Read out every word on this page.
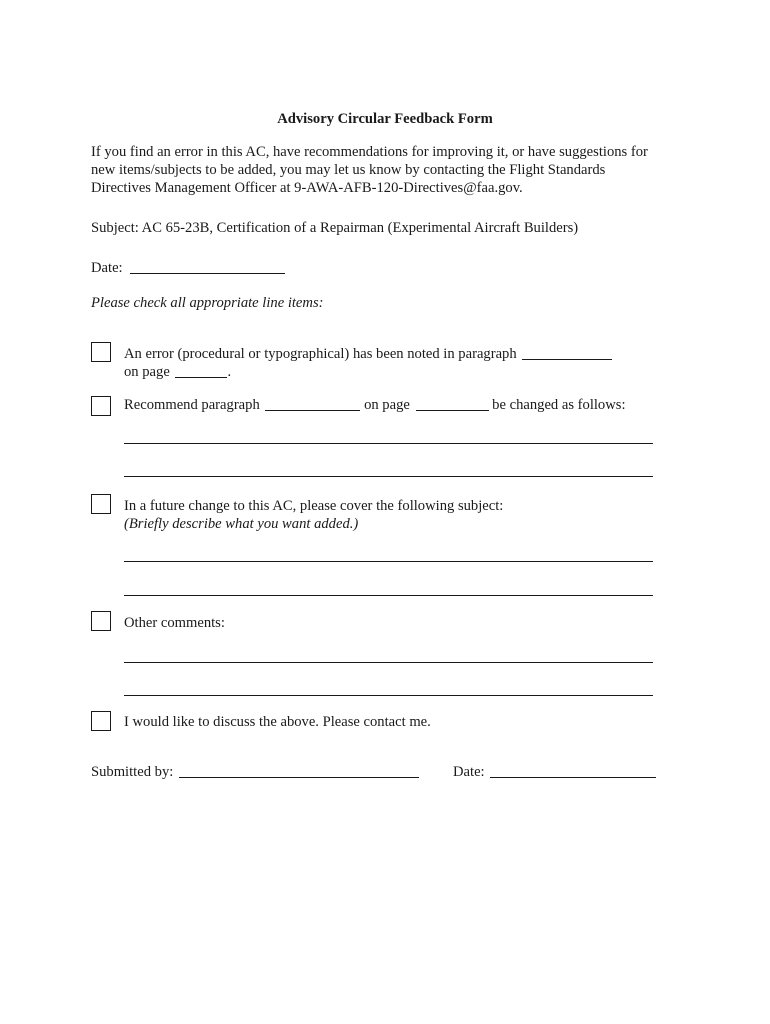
Advisory Circular Feedback Form
If you find an error in this AC, have recommendations for improving it, or have suggestions for
new items/subjects to be added, you may let us know by contacting the Flight Standards
Directives Management Officer at 9-AWA-AFB-120-Directives@faa.gov.
Subject: AC 65-23B, Certification of a Repairman (Experimental Aircraft Builders)
Date:
Please check all appropriate line items:
An error (procedural or typographical) has been noted in paragraph
on page	.
Recommend paragraph	on page	be changed as follows:
In a future change to this AC, please cover the following subject:
(Briefly describe what you want added.)
Other comments:
I would like to discuss the above. Please contact me.
Submitted by:	Date:
